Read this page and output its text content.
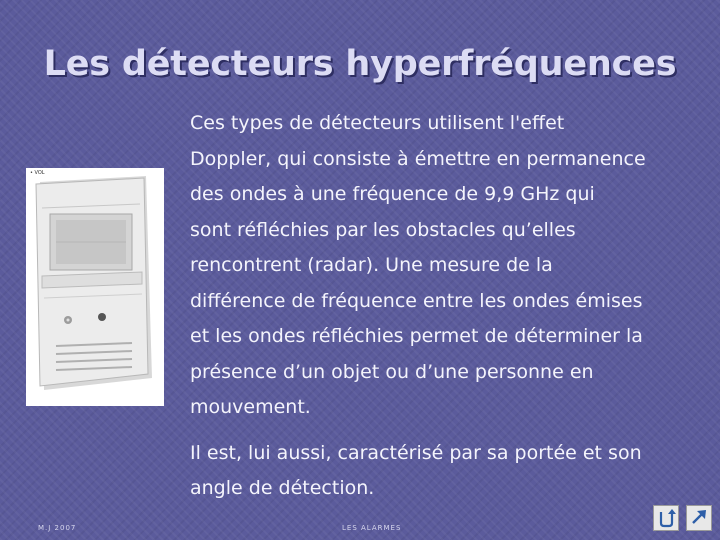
Les détecteurs hyperfréquences
• VOL

Ces types de détecteurs utilisent l'effet
Doppler, qui consiste à émettre en permanence
des ondes à une fréquence de 9,9 GHz qui
sont réfléchies par les obstacles qu’elles
rencontrent (radar). Une mesure de la
différence de fréquence entre les ondes émises
et les ondes réfléchies permet de déterminer la
présence d’un objet ou d’une personne en
mouvement.

Il est, lui aussi, caractérisé par sa portée et son
angle de détection.

M.J 2007	LES ALARMES
